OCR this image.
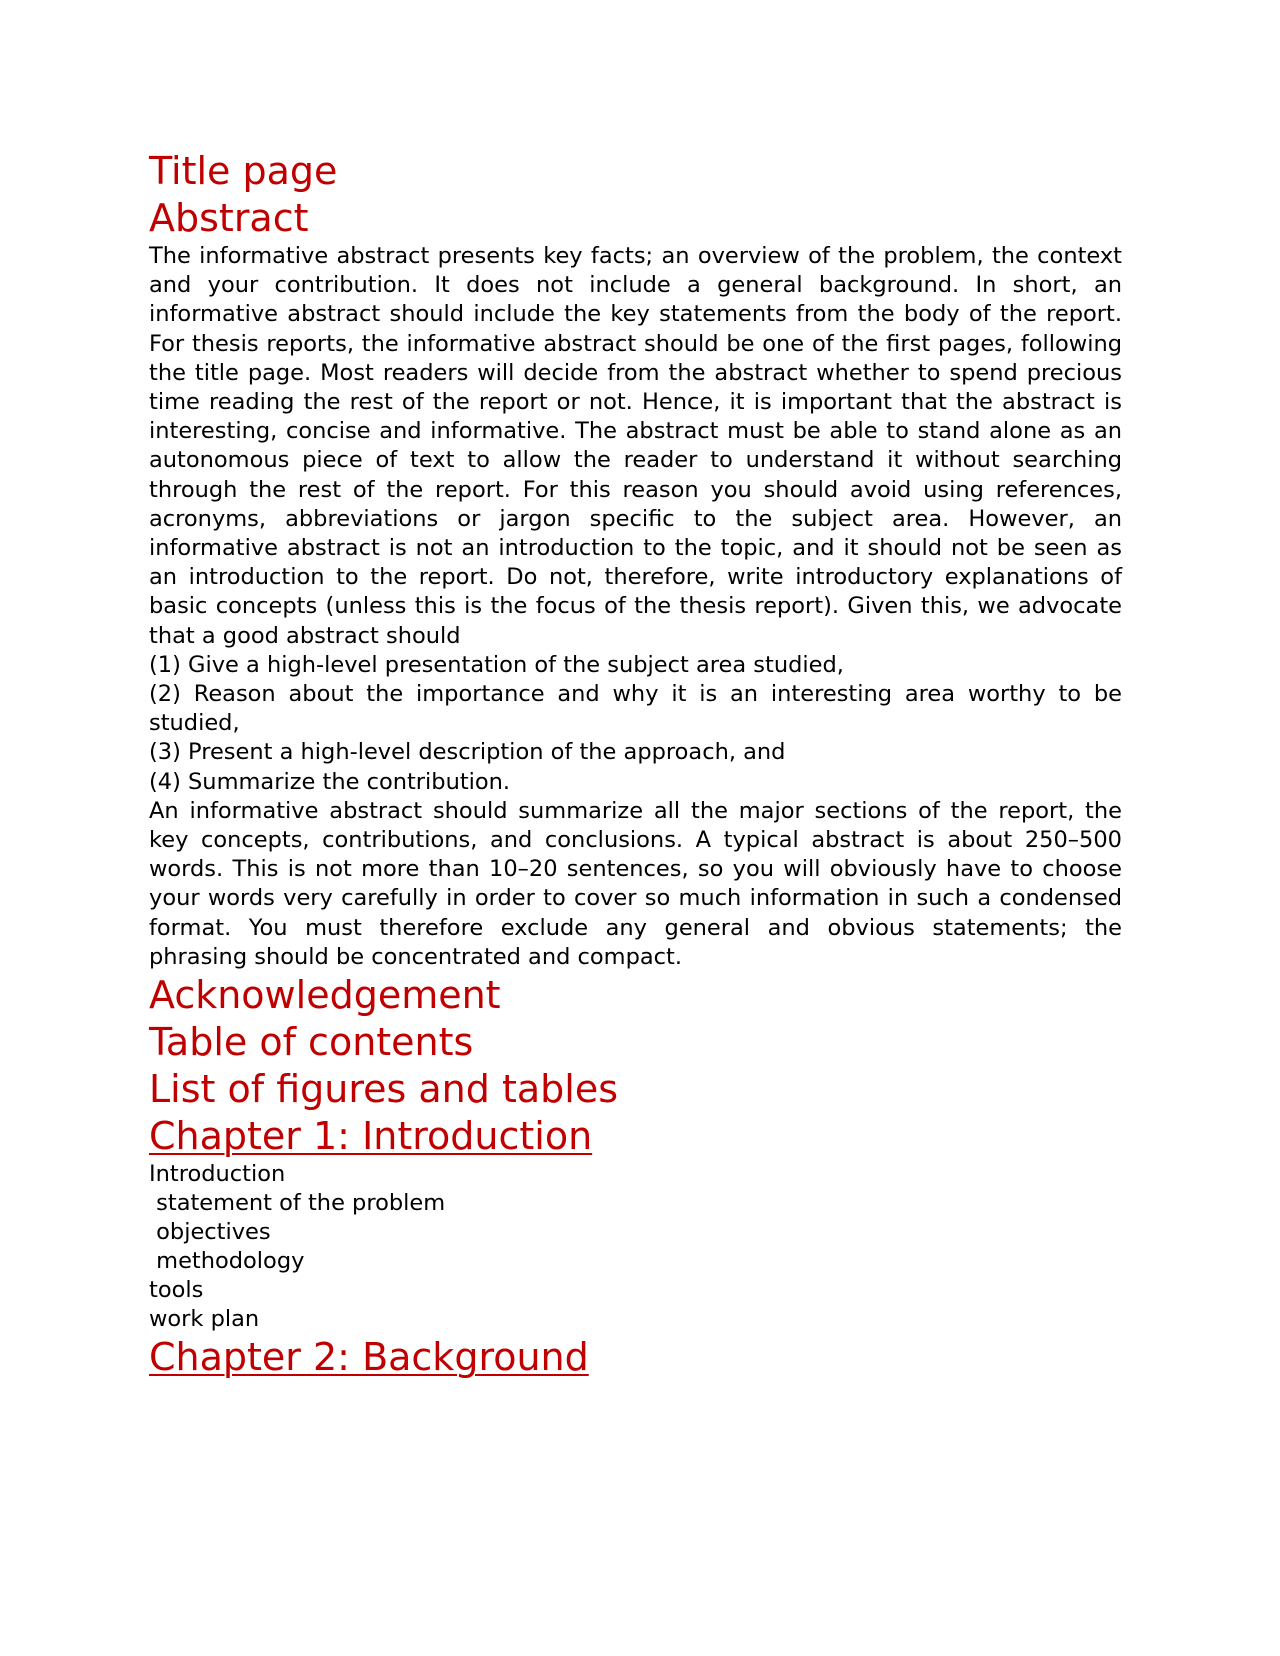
Title page
Abstract

The informative abstract presents key facts; an overview of the problem, the context and your contribution. It does not include a general background. In short, an informative abstract should include the key statements from the body of the report. For thesis reports, the informative abstract should be one of the first pages, following the title page. Most readers will decide from the abstract whether to spend precious time reading the rest of the report or not. Hence, it is important that the abstract is interesting, concise and informative. The abstract must be able to stand alone as an autonomous piece of text to allow the reader to understand it without searching through the rest of the report. For this reason you should avoid using references, acronyms, abbreviations or jargon specific to the subject area. However, an informative abstract is not an introduction to the topic, and it should not be seen as an introduction to the report. Do not, therefore, write introductory explanations of basic concepts (unless this is the focus of the thesis report). Given this, we advocate that a good abstract should

(1) Give a high-level presentation of the subject area studied,

(2) Reason about the importance and why it is an interesting area worthy to be studied,

(3) Present a high-level description of the approach, and

(4) Summarize the contribution.

An informative abstract should summarize all the major sections of the report, the key concepts, contributions, and conclusions. A typical abstract is about 250–500 words. This is not more than 10–20 sentences, so you will obviously have to choose your words very carefully in order to cover so much information in such a condensed format. You must therefore exclude any general and obvious statements; the phrasing should be concentrated and compact.

Acknowledgement
Table of contents
List of figures and tables
Chapter 1: Introduction

Introduction

statement of the problem

objectives

methodology

tools

work plan

Chapter 2: Background
